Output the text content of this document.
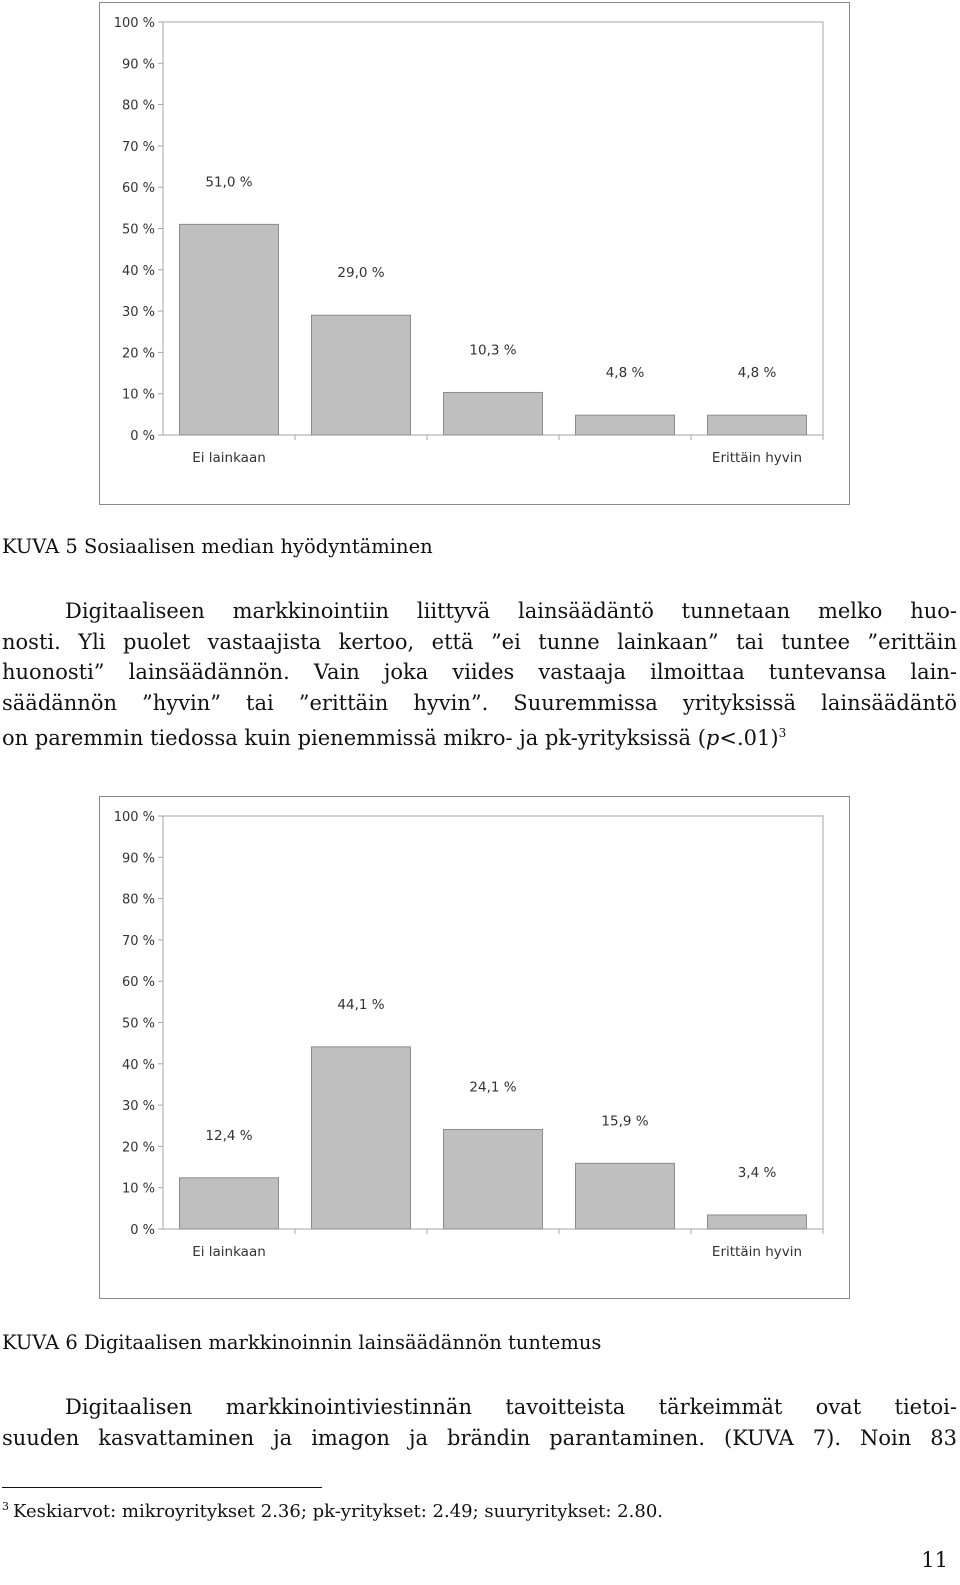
0 %
10 %
20 %
30 %
40 %
50 %
60 %
70 %
80 %
90 %
100 %
51,0 %
Ei lainkaan
29,0 %
10,3 %
4,8 %	4,8 %
Erittäin hyvin
KUVA 5 Sosiaalisen median hyödyntäminen
Digitaaliseen markkinointiin liittyvä lainsäädäntö tunnetaan melko huo-
nosti. Yli puolet vastaajista kertoo, että ”ei tunne lainkaan” tai tuntee ”erittäin
huonosti” lainsäädännön. Vain joka viides vastaaja ilmoittaa tuntevansa lain-
säädännön ”hyvin” tai ”erittäin hyvin”. Suuremmissa yrityksissä lainsäädäntö
on paremmin tiedossa kuin pienemmissä mikro- ja pk-yrityksissä (p<.01)$^3$
0 %
10 %
20 %
30 %
40 %
50 %
60 %
70 %
80 %
90 %
100 %
12,4 %
Ei lainkaan
44,1 %
24,1 %
15,9 %
3,4 %
Erittäin hyvin
KUVA 6 Digitaalisen markkinoinnin lainsäädännön tuntemus
Digitaalisen markkinointiviestinnän tavoitteista tärkeimmät ovat tietoi-
suuden kasvattaminen ja imagon ja brändin parantaminen. (KUVA 7). Noin 83
$^3$ Keskiarvot: mikroyritykset 2.36; pk-yritykset: 2.49; suuryritykset: 2.80.
11
